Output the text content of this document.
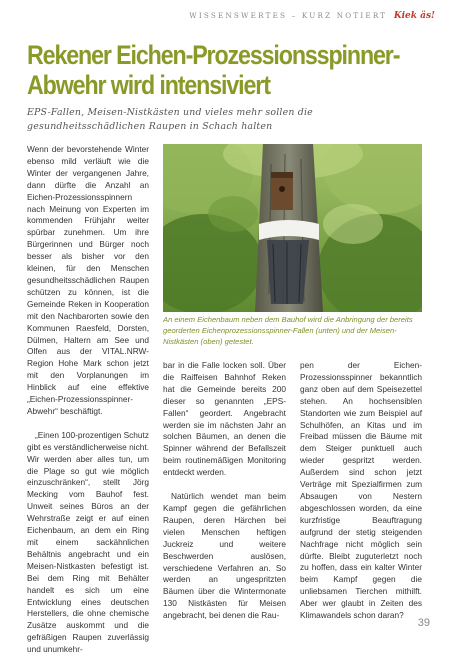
WISSENSWERTES – KURZ NOTIERT Kiek äs!
Rekener Eichen-Prozessionsspinner-
Abwehr wird intensiviert
EPS-Fallen, Meisen-Nistkästen und vieles mehr sollen die
gesundheitsschädlichen Raupen in Schach halten

Wenn der bevorstehende Winter ebenso mild verläuft wie die Winter der vergangenen Jahre, dann dürfte die Anzahl an Eichen-Prozessionsspinnern nach Meinung von Experten im kommenden Frühjahr weiter spürbar zunehmen. Um ihre Bürgerinnen und Bürger noch besser als bisher vor den kleinen, für den Menschen gesundheitsschädlichen Raupen schützen zu können, ist die Gemeinde Reken in Kooperation mit den Nachbarorten sowie den Kommunen Raesfeld, Dorsten, Dülmen, Haltern am See und Olfen aus der VITAL.NRW-Region Hohe Mark schon jetzt mit den Vorplanungen im Hinblick auf eine effektive „Eichen-Prozessionsspinner-Abwehr“ beschäftigt.

„Einen 100-prozentigen Schutz gibt es verständlicherweise nicht. Wir werden aber alles tun, um die Plage so gut wie möglich einzuschränken“, stellt Jörg Mecking vom Bauhof fest. Unweit seines Büros an der Wehrstraße zeigt er auf einen Eichenbaum, an dem ein Ring mit einem sackähnlichen Behältnis angebracht und ein Meisen-Nistkasten befestigt ist. Bei dem Ring mit Behälter handelt es sich um eine Entwicklung eines deutschen Herstellers, die ohne chemische Zusätze auskommt und die gefräßigen Raupen zuverlässig und unumkehr-

An einem Eichenbaum neben dem Bauhof wird die Anbringung der bereits georderten Eichenprozessionsspinner-Fallen (unten) und der Meisen-Nistkästen (oben) getestet.

bar in die Falle locken soll. Über die Raiffeisen Bahnhof Reken hat die Gemeinde bereits 200 dieser so genannten „EPS-Fallen“ geordert. Angebracht werden sie im nächsten Jahr an solchen Bäumen, an denen die Spinner während der Befallszeit beim routinemäßigen Monitoring entdeckt werden.

Natürlich wendet man beim Kampf gegen die gefährlichen Raupen, deren Härchen bei vielen Menschen heftigen Juckreiz und weitere Beschwerden auslösen, verschiedene Verfahren an. So werden an ungespritzten Bäumen über die Wintermonate 130 Nistkästen für Meisen angebracht, bei denen die Rau-

pen der Eichen-Prozessionsspinner bekanntlich ganz oben auf dem Speisezettel stehen. An hochsensiblen Standorten wie zum Beispiel auf Schulhöfen, an Kitas und im Freibad müssen die Bäume mit dem Steiger punktuell auch wieder gespritzt werden. Außerdem sind schon jetzt Verträge mit Spezialfirmen zum Absaugen von Nestern abgeschlossen worden, da eine kurzfristige Beauftragung aufgrund der stetig steigenden Nachfrage nicht möglich sein dürfte. Bleibt zuguterletzt noch zu hoffen, dass ein kalter Winter beim Kampf gegen die unliebsamen Tierchen mithilft. Aber wer glaubt in Zeiten des Klimawandels schon daran?

39
